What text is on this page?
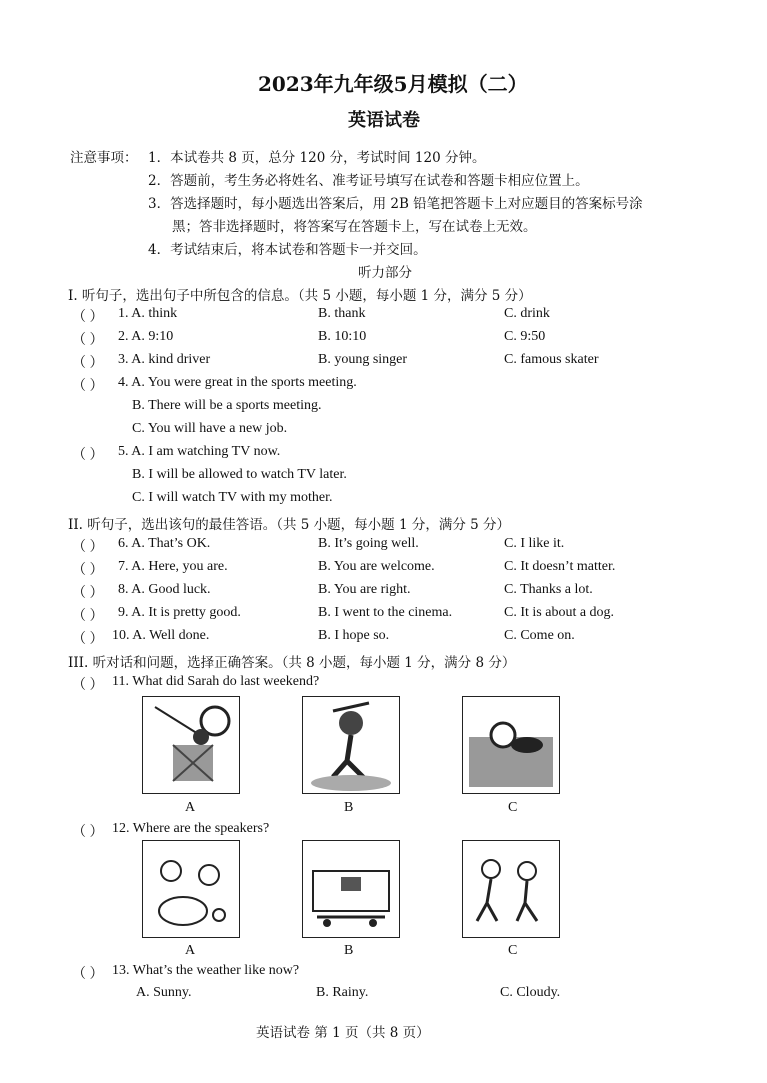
2023年九年级5月模拟（二）
英语试卷
注意事项： 1．本试卷共 8 页，总分 120 分，考试时间 120 分钟。
2．答题前，考生务必将姓名、准考证号填写在试卷和答题卡相应位置上。
3．答选择题时，每小题选出答案后，用 2B 铅笔把答题卡上对应题目的答案标号涂
黑；答非选择题时，将答案写在答题卡上，写在试卷上无效。
4．考试结束后，将本试卷和答题卡一并交回。
听力部分
I. 听句子，选出句子中所包含的信息。（共 5 小题，每小题 1 分，满分 5 分）
（ ） 1. A. think	B. thank	C. drink
（ ） 2. A. 9:10	B. 10:10	C. 9:50
（ ） 3. A. kind driver	B. young singer	C. famous skater
（ ） 4. A. You were great in the sports meeting.
B. There will be a sports meeting.
C. You will have a new job.
（ ） 5. A. I am watching TV now.
B. I will be allowed to watch TV later.
C. I will watch TV with my mother.
II. 听句子，选出该句的最佳答语。（共 5 小题，每小题 1 分，满分 5 分）
（ ） 6. A. That’s OK.	B. It’s going well.	C. I like it.
（ ） 7. A. Here, you are.	B. You are welcome.	C. It doesn’t matter.
（ ） 8. A. Good luck.	B. You are right.	C. Thanks a lot.
（ ） 9. A. It is pretty good.	B. I went to the cinema.	C. It is about a dog.
（ ） 10. A. Well done.	B. I hope so.	C. Come on.
III. 听对话和问题，选择正确答案。（共 8 小题，每小题 1 分，满分 8 分）
（ ） 11. What did Sarah do last weekend?
A	B	C
（ ） 12. Where are the speakers?
A	B	C
（ ） 13. What’s the weather like now?
A. Sunny.	B. Rainy.	C. Cloudy.
英语试卷 第 1 页（共 8 页）
